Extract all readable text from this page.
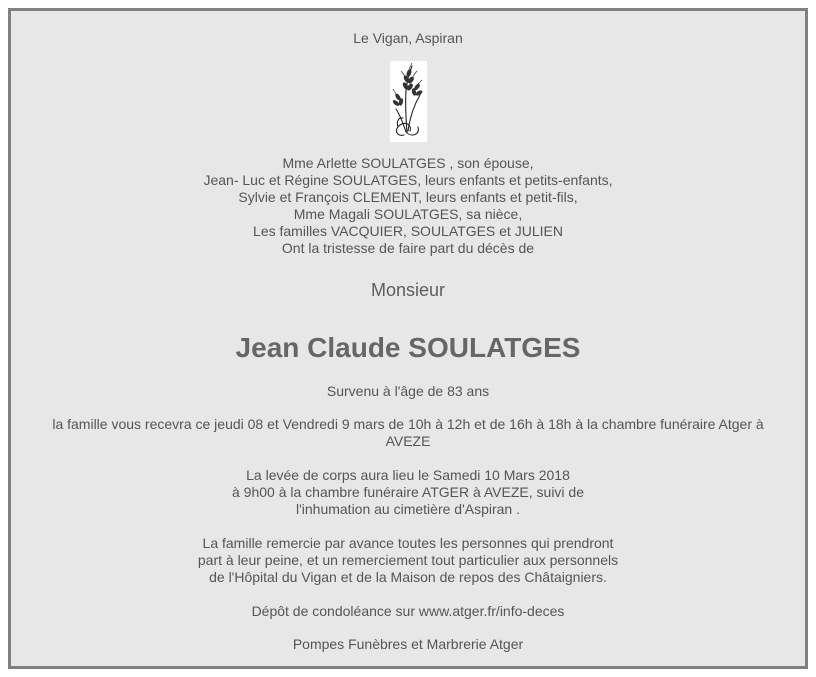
Le Vigan, Aspiran
Mme Arlette SOULATGES , son épouse,
Jean- Luc et Régine SOULATGES, leurs enfants et petits-enfants,
Sylvie et François CLEMENT, leurs enfants et petit-fils,
Mme Magali SOULATGES, sa nièce,
Les familles VACQUIER, SOULATGES et JULIEN
Ont la tristesse de faire part du décès de
Monsieur
Jean Claude SOULATGES
Survenu à l'âge de 83 ans
la famille vous recevra ce jeudi 08 et Vendredi 9 mars de 10h à 12h et de 16h à 18h à la chambre funéraire Atger à AVEZE
La levée de corps aura lieu le Samedi 10 Mars 2018
à 9h00 à la chambre funéraire ATGER à AVEZE, suivi de
l'inhumation au cimetière d'Aspiran .
La famille remercie par avance toutes les personnes qui prendront
part à leur peine, et un remerciement tout particulier aux personnels
de l'Hôpital du Vigan et de la Maison de repos des Châtaigniers.
Dépôt de condoléance sur www.atger.fr/info-deces
Pompes Funèbres et Marbrerie Atger
